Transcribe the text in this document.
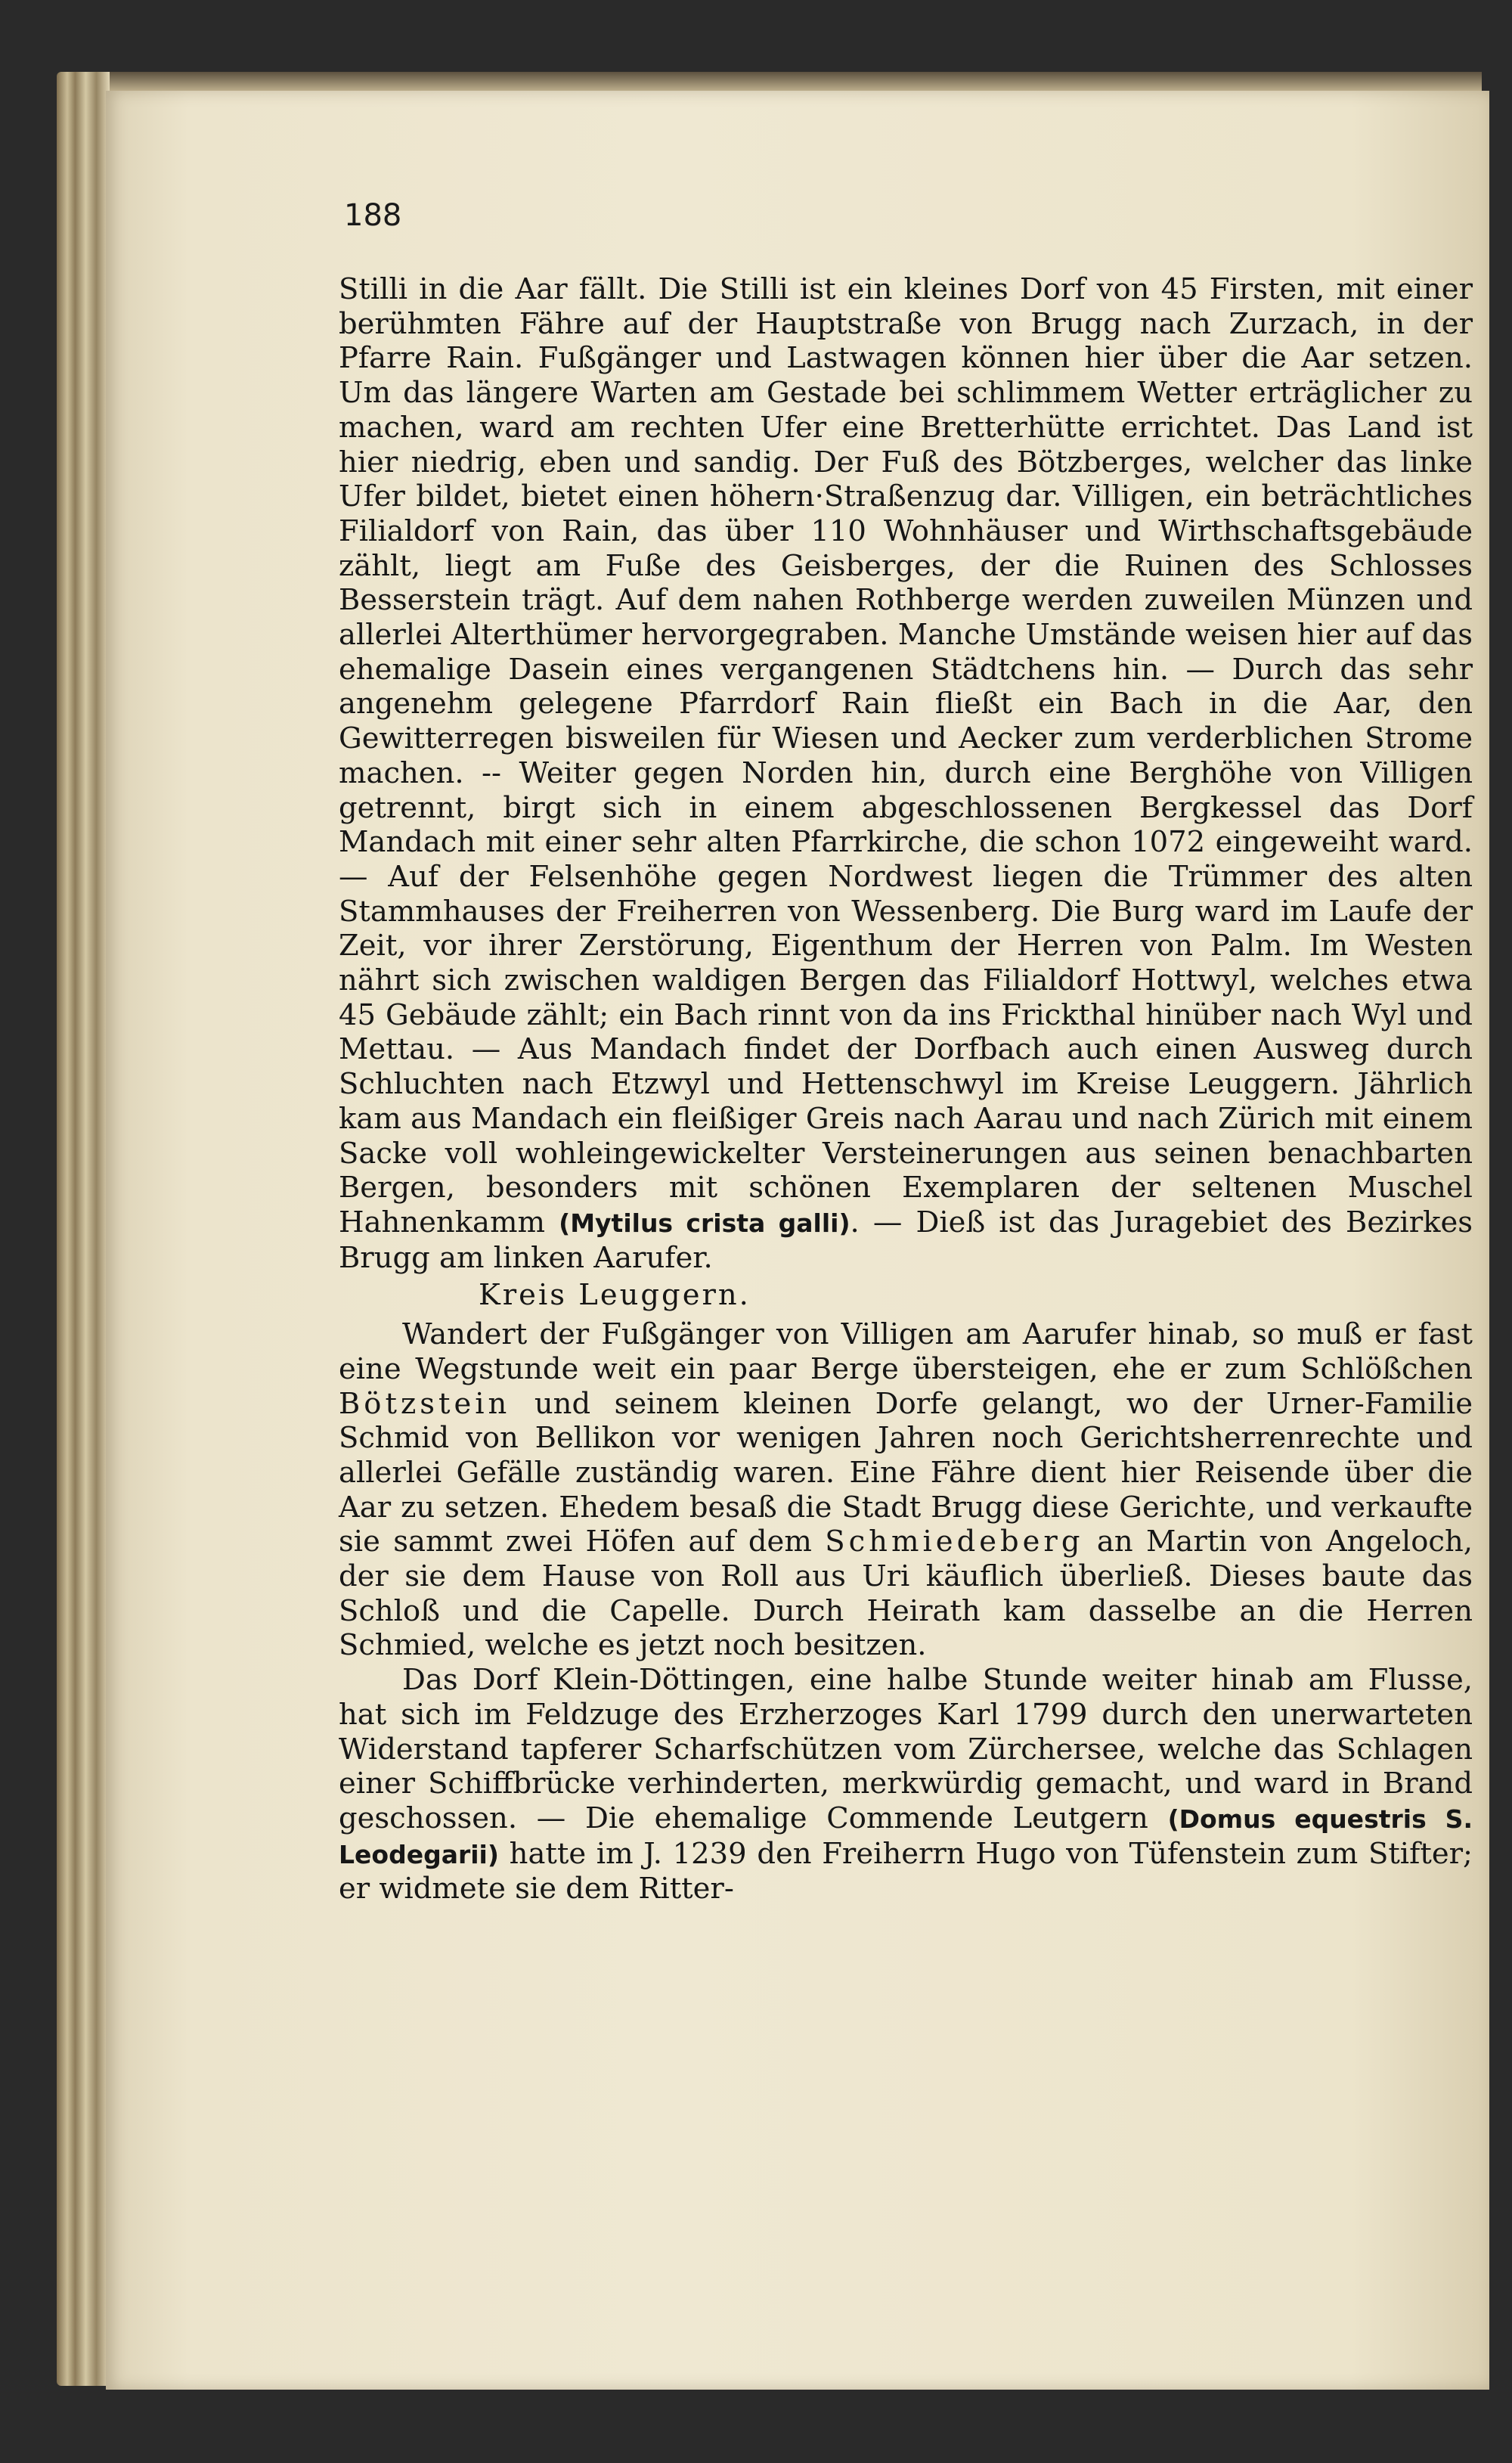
188

Stilli in die Aar fällt. Die Stilli ist ein kleines Dorf von 45 Firsten, mit einer berühmten Fähre auf der Hauptstraße von Brugg nach Zurzach, in der Pfarre Rain. Fußgänger und Lastwagen können hier über die Aar setzen. Um das längere Warten am Gestade bei schlimmem Wetter erträglicher zu machen, ward am rechten Ufer eine Bretterhütte errichtet. Das Land ist hier niedrig, eben und sandig. Der Fuß des Bötzberges, welcher das linke Ufer bildet, bietet einen höhern·Straßenzug dar. Villigen, ein beträchtliches Filialdorf von Rain, das über 110 Wohnhäuser und Wirthschaftsgebäude zählt, liegt am Fuße des Geisberges, der die Ruinen des Schlosses Besserstein trägt. Auf dem nahen Rothberge werden zuweilen Münzen und allerlei Alterthümer hervorgegraben. Manche Umstände weisen hier auf das ehemalige Dasein eines vergangenen Städtchens hin. — Durch das sehr angenehm gelegene Pfarrdorf Rain fließt ein Bach in die Aar, den Gewitterregen bisweilen für Wiesen und Aecker zum verderblichen Strome machen. -- Weiter gegen Norden hin, durch eine Berghöhe von Villigen getrennt, birgt sich in einem abgeschlossenen Bergkessel das Dorf Mandach mit einer sehr alten Pfarrkirche, die schon 1072 eingeweiht ward. — Auf der Felsenhöhe gegen Nordwest liegen die Trümmer des alten Stammhauses der Freiherren von Wessenberg. Die Burg ward im Laufe der Zeit, vor ihrer Zerstörung, Eigenthum der Herren von Palm. Im Westen nährt sich zwischen waldigen Bergen das Filialdorf Hottwyl, welches etwa 45 Gebäude zählt; ein Bach rinnt von da ins Frickthal hinüber nach Wyl und Mettau. — Aus Mandach findet der Dorfbach auch einen Ausweg durch Schluchten nach Etzwyl und Hettenschwyl im Kreise Leuggern. Jährlich kam aus Mandach ein fleißiger Greis nach Aarau und nach Zürich mit einem Sacke voll wohleingewickelter Versteinerungen aus seinen benachbarten Bergen, besonders mit schönen Exemplaren der seltenen Muschel Hahnenkamm (Mytilus crista galli). — Dieß ist das Juragebiet des Bezirkes Brugg am linken Aarufer.

Kreis Leuggern.

Wandert der Fußgänger von Villigen am Aarufer hinab, so muß er fast eine Wegstunde weit ein paar Berge übersteigen, ehe er zum Schlößchen Bötzstein und seinem kleinen Dorfe gelangt, wo der Urner-Familie Schmid von Bellikon vor wenigen Jahren noch Gerichtsherrenrechte und allerlei Gefälle zuständig waren. Eine Fähre dient hier Reisende über die Aar zu setzen. Ehedem besaß die Stadt Brugg diese Gerichte, und verkaufte sie sammt zwei Höfen auf dem Schmiedeberg an Martin von Angeloch, der sie dem Hause von Roll aus Uri käuflich überließ. Dieses baute das Schloß und die Capelle. Durch Heirath kam dasselbe an die Herren Schmied, welche es jetzt noch besitzen.

Das Dorf Klein-Döttingen, eine halbe Stunde weiter hinab am Flusse, hat sich im Feldzuge des Erzherzoges Karl 1799 durch den unerwarteten Widerstand tapferer Scharfschützen vom Zürchersee, welche das Schlagen einer Schiffbrücke verhinderten, merkwürdig gemacht, und ward in Brand geschossen. — Die ehemalige Commende Leutgern (Domus equestris S. Leodegarii) hatte im J. 1239 den Freiherrn Hugo von Tüfenstein zum Stifter; er widmete sie dem Ritter-
